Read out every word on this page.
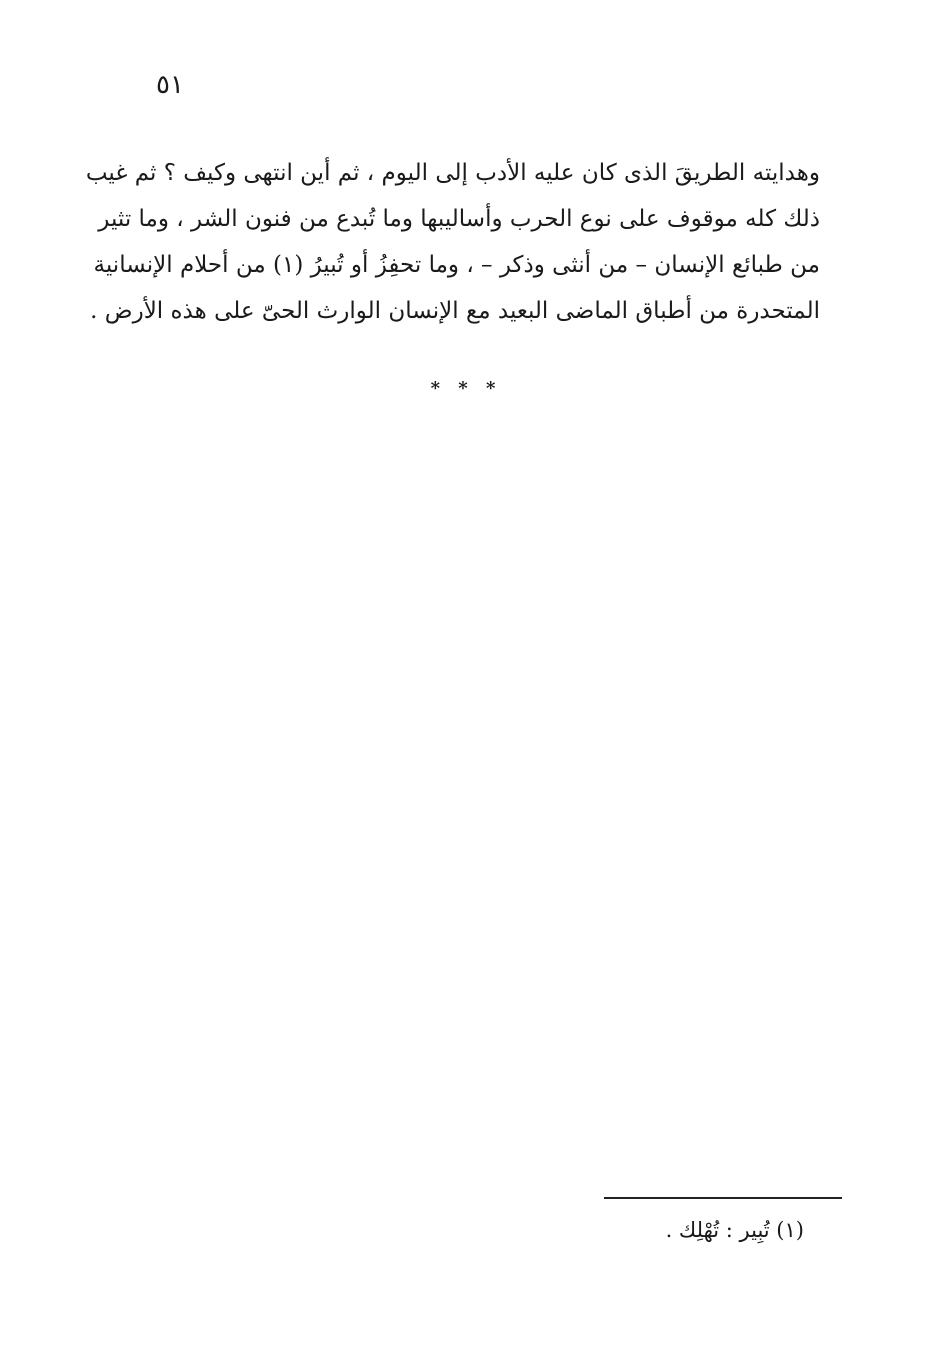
٥١
وهدايته الطريقَ الذى كان عليه الأدب إلى اليوم ، ثم أين انتهى وكيف ؟ ثم غيب
ذلك كله موقوف على نوع الحرب وأساليبها وما تُبدع من فنون الشر ، وما تثير
من طبائع الإنسان – من أنثى وذكر – ، وما تحفِزُ أو تُبيرُ (١) من أحلام الإنسانية
المتحدرة من أطباق الماضى البعيد مع الإنسان الوارث الحىّ على هذه الأرض .
* * *
(١) تُبِير : تُهْلِك .
